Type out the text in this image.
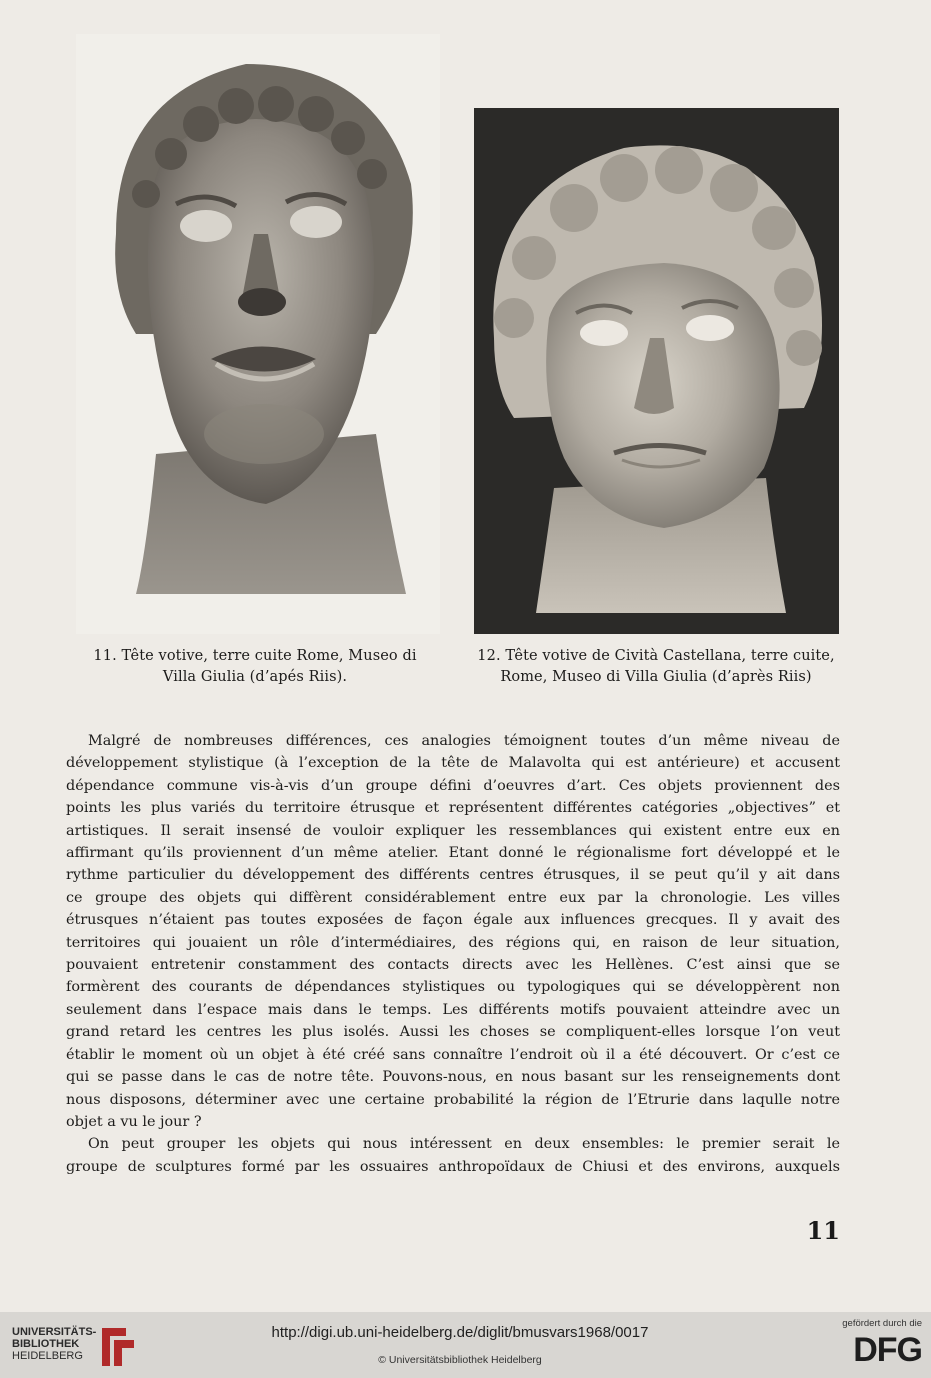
11. Tête votive, terre cuite Rome, Museo di
Villa Giulia (d’apés Riis).
12. Tête votive de Cività Castellana, terre cuite,
Rome, Museo di Villa Giulia (d’après Riis)
Malgré de nombreuses différences, ces analogies témoignent toutes d’un même niveau de
développement stylistique (à l’exception de la tête de Malavolta qui est antérieure) et accusent
dépendance commune vis-à-vis d’un groupe défini d’oeuvres d’art. Ces objets proviennent des
points les plus variés du territoire étrusque et représentent différentes catégories „objectives” et
artistiques. Il serait insensé de vouloir expliquer les ressemblances qui existent entre eux en
affirmant qu’ils proviennent d’un même atelier. Etant donné le régionalisme fort développé et le
rythme particulier du développement des différents centres étrusques, il se peut qu’il y ait dans
ce groupe des objets qui diffèrent considérablement entre eux par la chronologie. Les villes
étrusques n’étaient pas toutes exposées de façon égale aux influences grecques. Il y avait des
territoires qui jouaient un rôle d’intermédiaires, des régions qui, en raison de leur situation,
pouvaient entretenir constamment des contacts directs avec les Hellènes. C’est ainsi que se
formèrent des courants de dépendances stylistiques ou typologiques qui se développèrent non
seulement dans l’espace mais dans le temps. Les différents motifs pouvaient atteindre avec un
grand retard les centres les plus isolés. Aussi les choses se compliquent-elles lorsque l’on veut
établir le moment où un objet à été créé sans connaître l’endroit où il a été découvert. Or c’est ce
qui se passe dans le cas de notre tête. Pouvons-nous, en nous basant sur les renseignements dont
nous disposons, déterminer avec une certaine probabilité la région de l’Etrurie dans laqulle notre
objet a vu le jour ?
On peut grouper les objets qui nous intéressent en deux ensembles: le premier serait le
groupe de sculptures formé par les ossuaires anthropoïdaux de Chiusi et des environs, auxquels
11
UNIVERSITÄTS-
BIBLIOTHEK
HEIDELBERG
http://digi.ub.uni-heidelberg.de/diglit/bmusvars1968/0017
© Universitätsbibliothek Heidelberg
gefördert durch die
DFG
